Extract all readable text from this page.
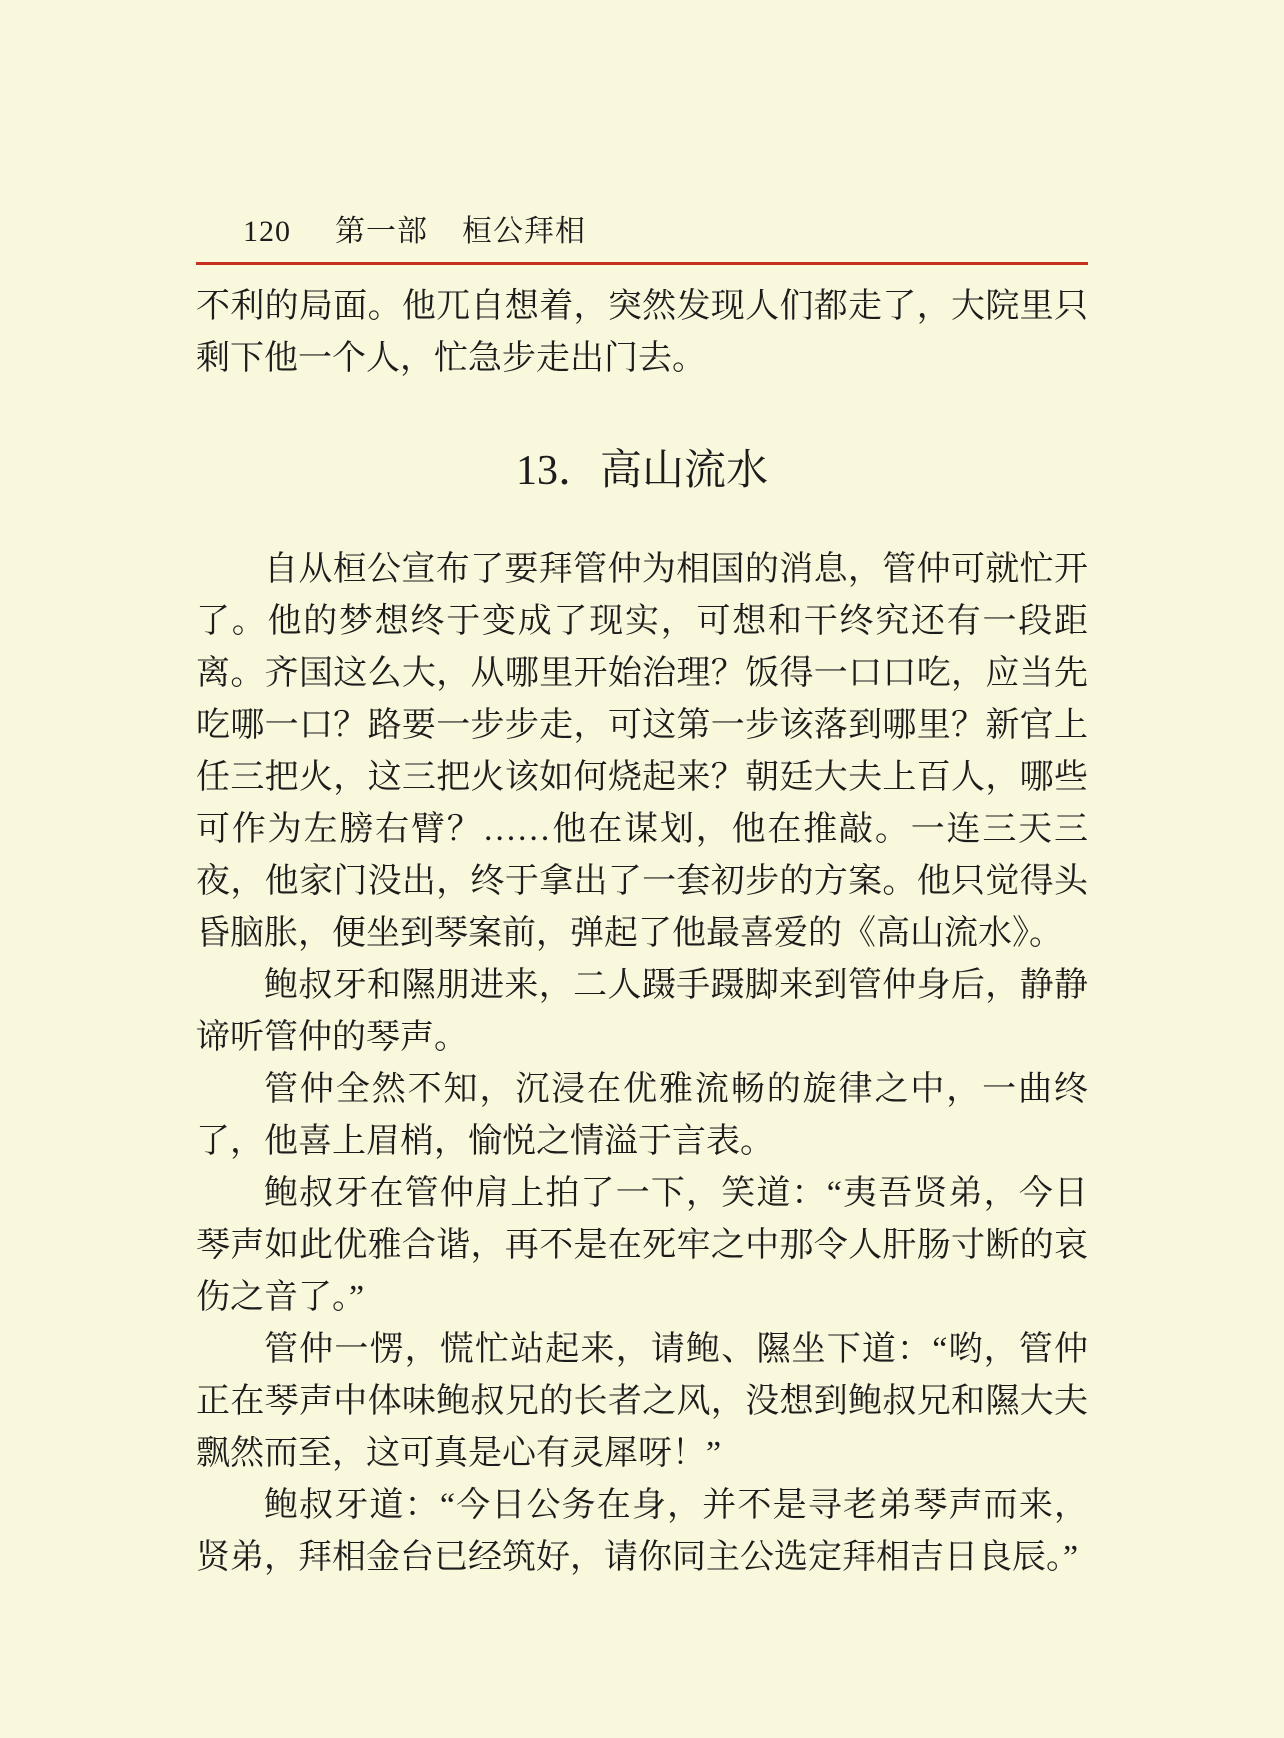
120 第一部 桓公拜相

不利的局面。他兀自想着，突然发现人们都走了，大院里只剩下他一个人，忙急步走出门去。

13．高山流水

自从桓公宣布了要拜管仲为相国的消息，管仲可就忙开了。他的梦想终于变成了现实，可想和干终究还有一段距离。齐国这么大，从哪里开始治理？饭得一口口吃，应当先吃哪一口？路要一步步走，可这第一步该落到哪里？新官上任三把火，这三把火该如何烧起来？朝廷大夫上百人，哪些可作为左膀右臂？……他在谋划，他在推敲。一连三天三夜，他家门没出，终于拿出了一套初步的方案。他只觉得头昏脑胀，便坐到琴案前，弹起了他最喜爱的《高山流水》。

鲍叔牙和隰朋进来，二人蹑手蹑脚来到管仲身后，静静谛听管仲的琴声。

管仲全然不知，沉浸在优雅流畅的旋律之中，一曲终了，他喜上眉梢，愉悦之情溢于言表。

鲍叔牙在管仲肩上拍了一下，笑道：“夷吾贤弟，今日琴声如此优雅合谐，再不是在死牢之中那令人肝肠寸断的哀伤之音了。”

管仲一愣，慌忙站起来，请鲍、隰坐下道：“哟，管仲正在琴声中体味鲍叔兄的长者之风，没想到鲍叔兄和隰大夫飘然而至，这可真是心有灵犀呀！”

鲍叔牙道：“今日公务在身，并不是寻老弟琴声而来，贤弟，拜相金台已经筑好，请你同主公选定拜相吉日良辰。”
